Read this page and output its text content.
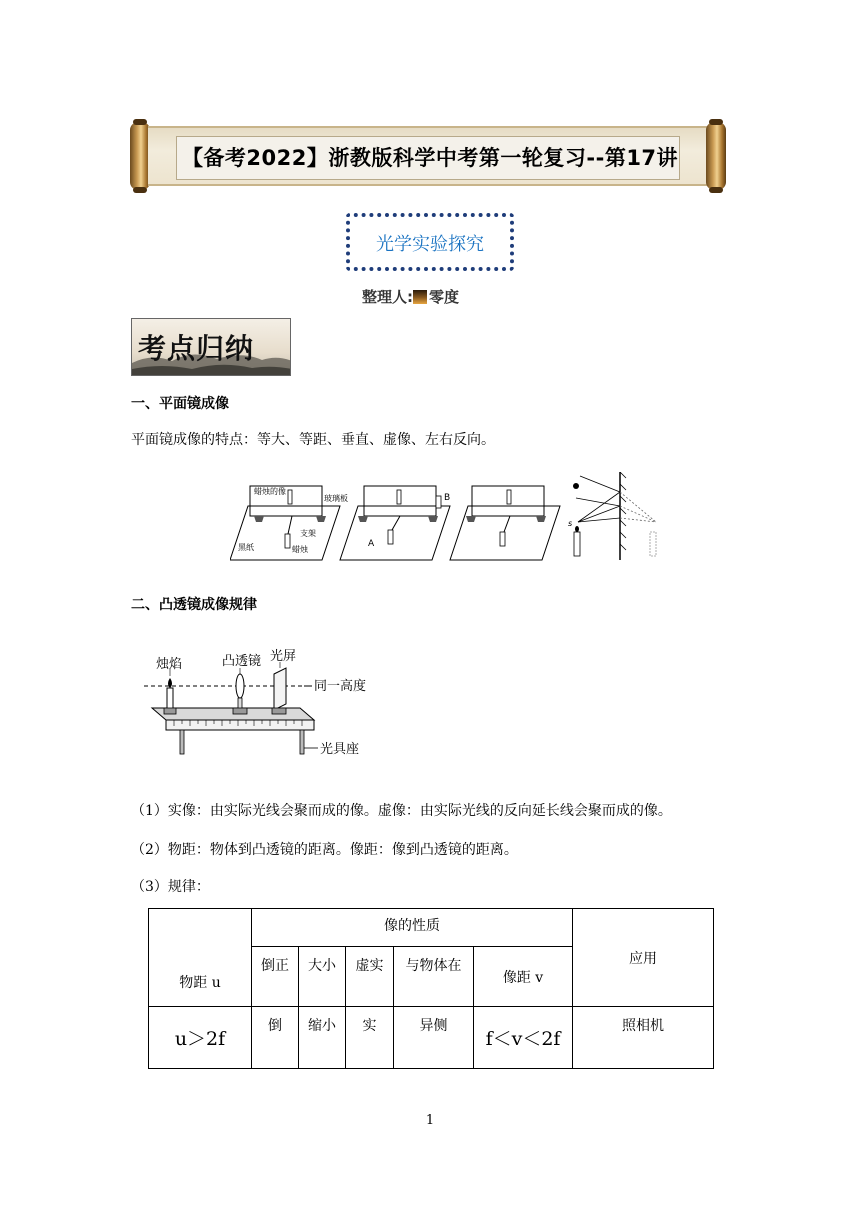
【备考2022】浙教版科学中考第一轮复习--第17讲
光学实验探究
整理人: 零度
考点归纳
一、平面镜成像
平面镜成像的特点：等大、等距、垂直、虚像、左右反向。
蜡烛的像
玻璃板
黑纸
支架
蜡烛
B
A
s
二、凸透镜成像规律
烛焰	凸透镜 光屏
同一高度
光具座
（1）实像：由实际光线会聚而成的像。虚像：由实际光线的反向延长线会聚而成的像。
（2）物距：物体到凸透镜的距离。像距：像到凸透镜的距离。
（3）规律：
物距 u	像的性质					应用
	倒正	大小	虚实	与物体在	像距 v	
u＞2f	倒	缩小	实	异侧	f＜v＜2f	照相机
1
